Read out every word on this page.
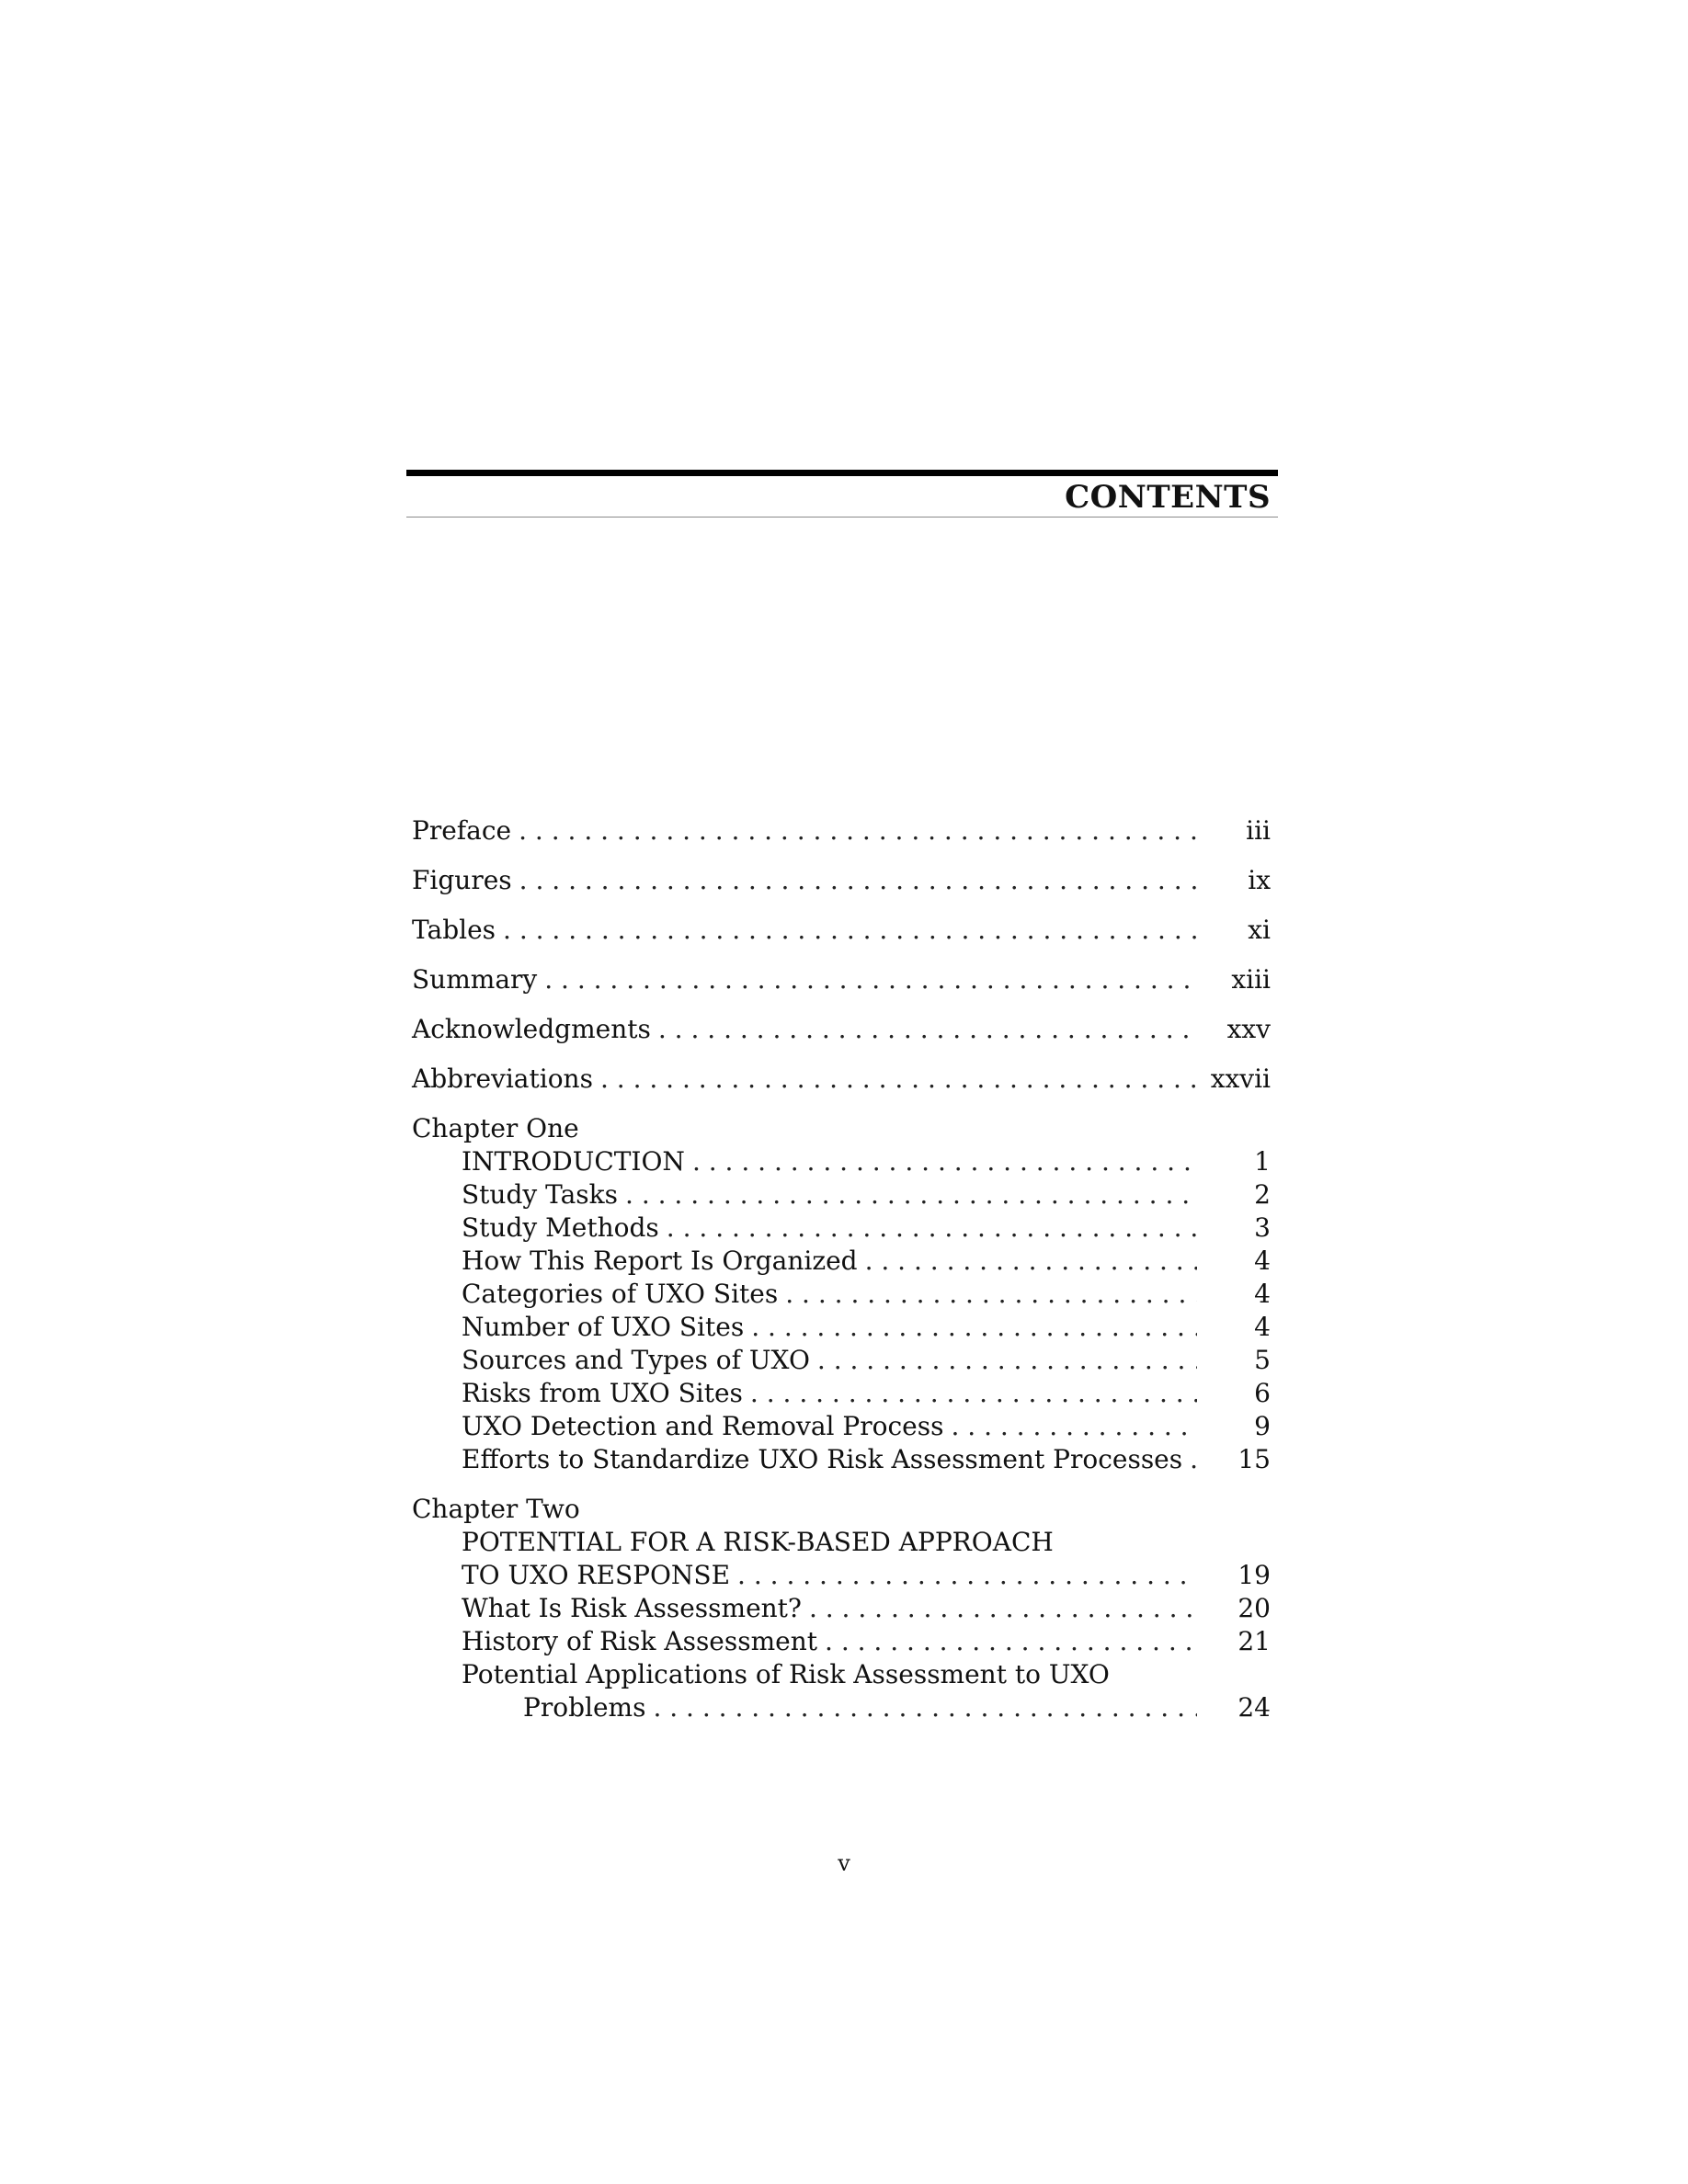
CONTENTS
Preface . . .	iii
Figures . . .	ix
Tables . . .	xi
Summary . . .	xiii
Acknowledgments . . .	xxv
Abbreviations . . .	xxvii
Chapter One
INTRODUCTION . . .	1
Study Tasks . . .	2
Study Methods . . .	3
How This Report Is Organized . . .	4
Categories of UXO Sites . . .	4
Number of UXO Sites . . .	4
Sources and Types of UXO . . .	5
Risks from UXO Sites . . .	6
UXO Detection and Removal Process . . .	9
Efforts to Standardize UXO Risk Assessment Processes . . .	15
Chapter Two
POTENTIAL FOR A RISK-BASED APPROACH
TO UXO RESPONSE . . .	19
What Is Risk Assessment? . . .	20
History of Risk Assessment . . .	21
Potential Applications of Risk Assessment to UXO
Problems . . .	24
v
